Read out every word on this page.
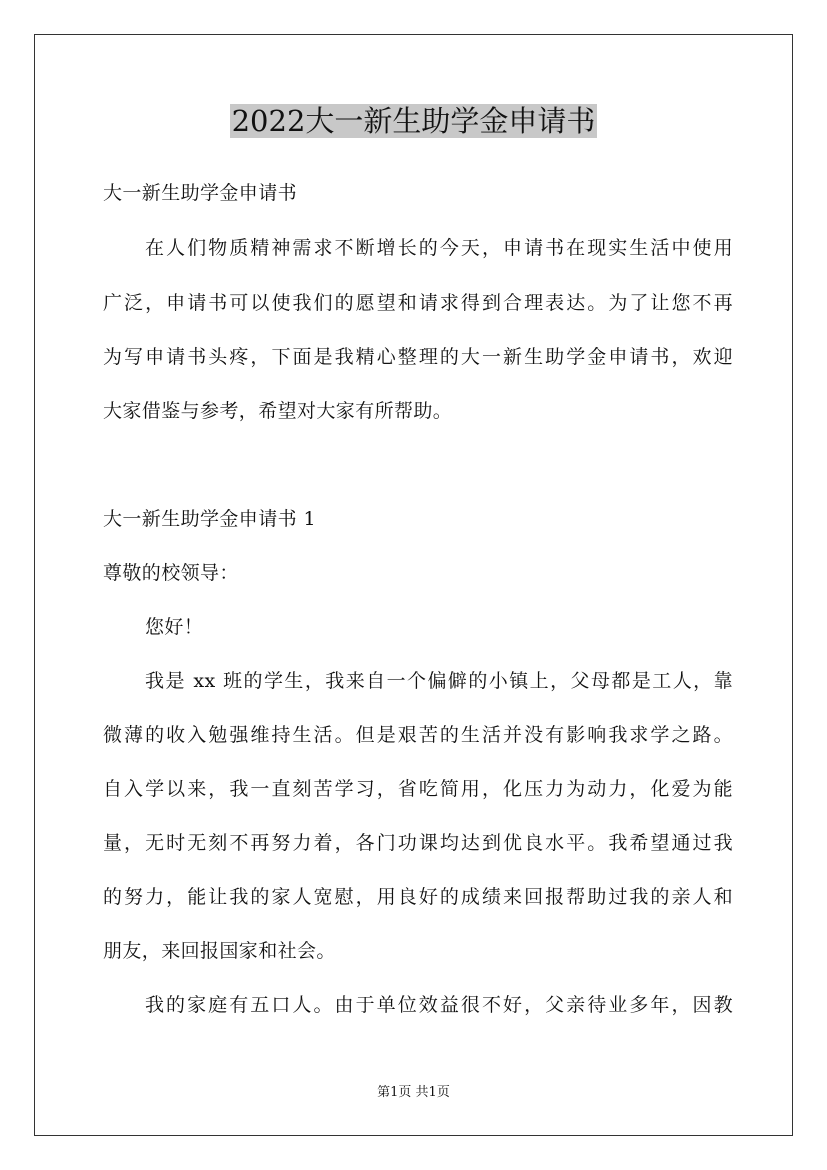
2022大一新生助学金申请书
大一新生助学金申请书
在人们物质精神需求不断增长的今天，申请书在现实生活中使用
广泛，申请书可以使我们的愿望和请求得到合理表达。为了让您不再
为写申请书头疼，下面是我精心整理的大一新生助学金申请书，欢迎
大家借鉴与参考，希望对大家有所帮助。
大一新生助学金申请书 1
尊敬的校领导：
您好！
我是 xx 班的学生，我来自一个偏僻的小镇上，父母都是工人，靠
微薄的收入勉强维持生活。但是艰苦的生活并没有影响我求学之路。
自入学以来，我一直刻苦学习，省吃简用，化压力为动力，化爱为能
量，无时无刻不再努力着，各门功课均达到优良水平。我希望通过我
的努力，能让我的家人宽慰，用良好的成绩来回报帮助过我的亲人和
朋友，来回报国家和社会。
我的家庭有五口人。由于单位效益很不好，父亲待业多年，因教
第1页 共1页
